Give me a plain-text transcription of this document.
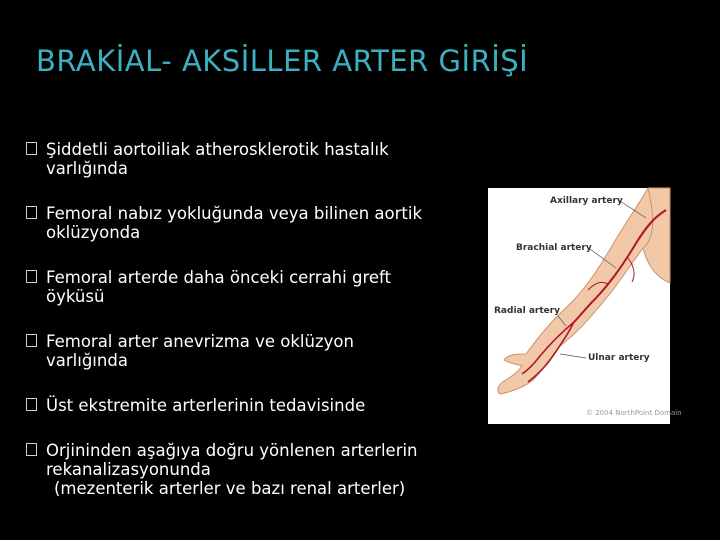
BRAKİAL- AKSİLLER ARTER GİRİŞİ
Şiddetli aortoiliak atherosklerotik hastalık
varlığında
Femoral nabız yokluğunda veya bilinen aortik
oklüzyonda
Femoral arterde daha önceki cerrahi greft
öyküsü
Femoral arter anevrizma ve oklüzyon
varlığında
Üst ekstremite arterlerinin tedavisinde
Orjininden aşağıya doğru yönlenen arterlerin
rekanalizasyonunda
(mezenterik arterler ve bazı renal arterler)
Axillary artery
Brachial artery
Radial artery
Ulnar artery
© 2004 NorthPoint Domain
